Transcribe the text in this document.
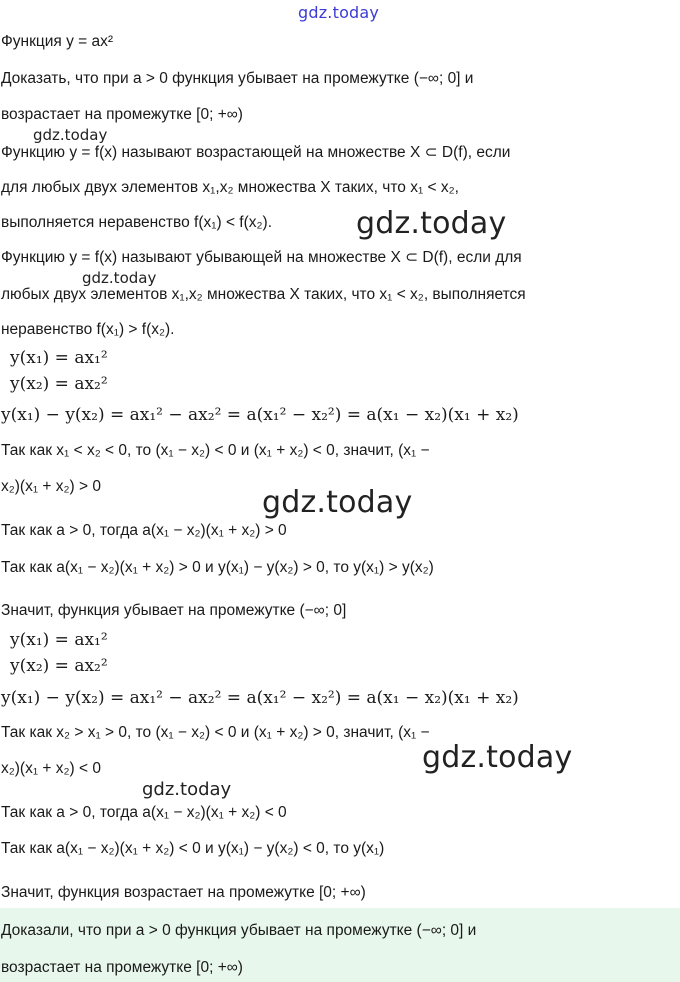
gdz.today
Функция y = ax²
Доказать, что при a > 0 функция убывает на промежутке (−∞; 0] и
возрастает на промежутке [0; +∞)
gdz.today
Функцию y = f(x) называют возрастающей на множестве X ⊂ D(f), если
для любых двух элементов x₁,x₂ множества X таких, что x₁ < x₂,
выполняется неравенство f(x₁) < f(x₂).	gdz.today
Функцию y = f(x) называют убывающей на множестве X ⊂ D(f), если для
gdz.today
любых двух элементов x₁,x₂ множества X таких, что x₁ < x₂, выполняется
неравенство f(x₁) > f(x₂).
y(x₁) = ax₁²
y(x₂) = ax₂²
y(x₁) − y(x₂) = ax₁² − ax₂² = a(x₁² − x₂²) = a(x₁ − x₂)(x₁ + x₂)
Так как x₁ < x₂ < 0, то (x₁ − x₂) < 0 и (x₁ + x₂) < 0, значит, (x₁ −
x₂)(x₁ + x₂) > 0	gdz.today
Так как a > 0, тогда a(x₁ − x₂)(x₁ + x₂) > 0
Так как a(x₁ − x₂)(x₁ + x₂) > 0 и y(x₁) − y(x₂) > 0, то y(x₁) > y(x₂)
Значит, функция убывает на промежутке (−∞; 0]
y(x₁) = ax₁²
y(x₂) = ax₂²
y(x₁) − y(x₂) = ax₁² − ax₂² = a(x₁² − x₂²) = a(x₁ − x₂)(x₁ + x₂)
Так как x₂ > x₁ > 0, то (x₁ − x₂) < 0 и (x₁ + x₂) > 0, значит, (x₁ −
gdz.today
x₂)(x₁ + x₂) < 0
gdz.today
Так как a > 0, тогда a(x₁ − x₂)(x₁ + x₂) < 0
Так как a(x₁ − x₂)(x₁ + x₂) < 0 и y(x₁) − y(x₂) < 0, то y(x₁)
Значит, функция возрастает на промежутке [0; +∞)
Доказали, что при a > 0 функция убывает на промежутке (−∞; 0] и
возрастает на промежутке [0; +∞)
